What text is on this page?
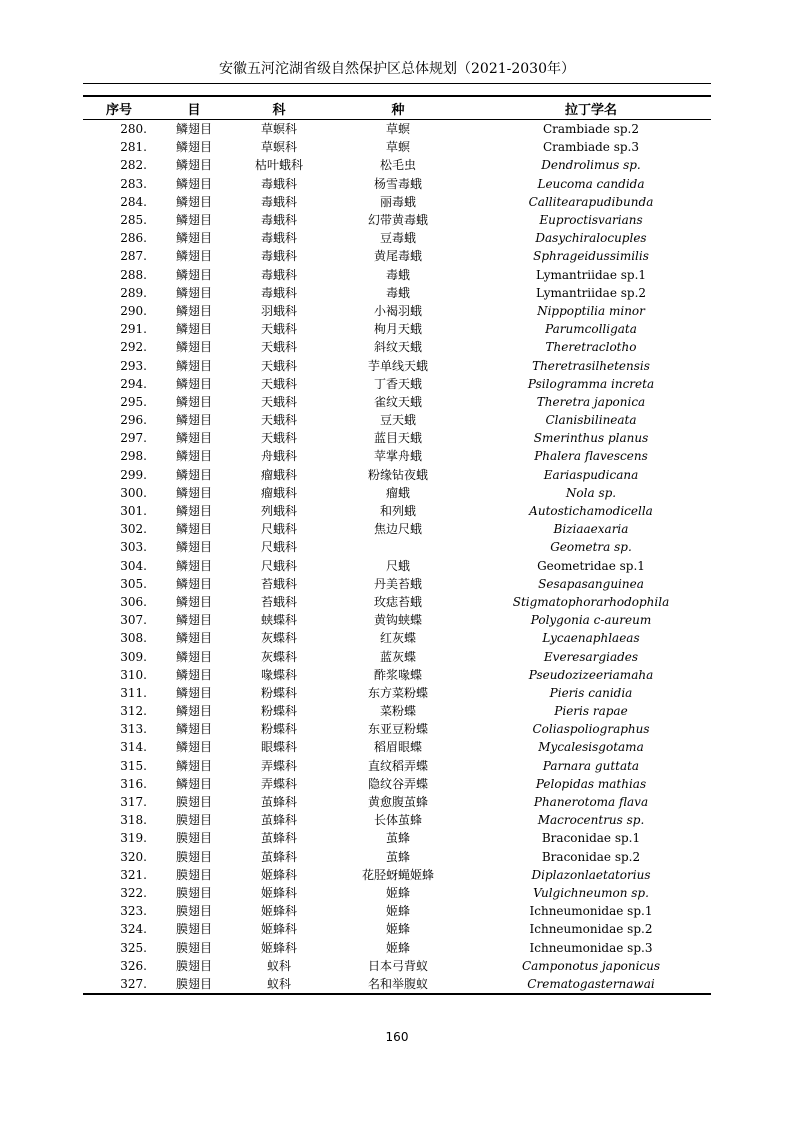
安徽五河沱湖省级自然保护区总体规划（2021-2030年）
序号	目	科	种	拉丁学名
280.	鳞翅目	草螟科	草螟	Crambiade sp.2
281.	鳞翅目	草螟科	草螟	Crambiade sp.3
282.	鳞翅目	枯叶蛾科	松毛虫	Dendrolimus sp.
283.	鳞翅目	毒蛾科	杨雪毒蛾	Leucoma candida
284.	鳞翅目	毒蛾科	丽毒蛾	Callitearapudibunda
285.	鳞翅目	毒蛾科	幻带黄毒蛾	Euproctisvarians
286.	鳞翅目	毒蛾科	豆毒蛾	Dasychiralocuples
287.	鳞翅目	毒蛾科	黄尾毒蛾	Sphrageidussimilis
288.	鳞翅目	毒蛾科	毒蛾	Lymantriidae sp.1
289.	鳞翅目	毒蛾科	毒蛾	Lymantriidae sp.2
290.	鳞翅目	羽蛾科	小褐羽蛾	Nippoptilia minor
291.	鳞翅目	天蛾科	枸月天蛾	Parumcolligata
292.	鳞翅目	天蛾科	斜纹天蛾	Theretraclotho
293.	鳞翅目	天蛾科	芋单线天蛾	Theretrasilhetensis
294.	鳞翅目	天蛾科	丁香天蛾	Psilogramma increta
295.	鳞翅目	天蛾科	雀纹天蛾	Theretra japonica
296.	鳞翅目	天蛾科	豆天蛾	Clanisbilineata
297.	鳞翅目	天蛾科	蓝目天蛾	Smerinthus planus
298.	鳞翅目	舟蛾科	苹掌舟蛾	Phalera flavescens
299.	鳞翅目	瘤蛾科	粉缘钻夜蛾	Eariaspudicana
300.	鳞翅目	瘤蛾科	瘤蛾	Nola sp.
301.	鳞翅目	列蛾科	和列蛾	Autostichamodicella
302.	鳞翅目	尺蛾科	焦边尺蛾	Biziaaexaria
303.	鳞翅目	尺蛾科		Geometra sp.
304.	鳞翅目	尺蛾科	尺蛾	Geometridae sp.1
305.	鳞翅目	苔蛾科	丹美苔蛾	Sesapasanguinea
306.	鳞翅目	苔蛾科	玫痣苔蛾	Stigmatophorarhodophila
307.	鳞翅目	蛱蝶科	黄钩蛱蝶	Polygonia c-aureum
308.	鳞翅目	灰蝶科	红灰蝶	Lycaenaphlaeas
309.	鳞翅目	灰蝶科	蓝灰蝶	Everesargiades
310.	鳞翅目	喙蝶科	酢浆喙蝶	Pseudozizeeriamaha
311.	鳞翅目	粉蝶科	东方菜粉蝶	Pieris canidia
312.	鳞翅目	粉蝶科	菜粉蝶	Pieris rapae
313.	鳞翅目	粉蝶科	东亚豆粉蝶	Coliaspoliographus
314.	鳞翅目	眼蝶科	稻眉眼蝶	Mycalesisgotama
315.	鳞翅目	弄蝶科	直纹稻弄蝶	Parnara guttata
316.	鳞翅目	弄蝶科	隐纹谷弄蝶	Pelopidas mathias
317.	膜翅目	茧蜂科	黄愈腹茧蜂	Phanerotoma flava
318.	膜翅目	茧蜂科	长体茧蜂	Macrocentrus sp.
319.	膜翅目	茧蜂科	茧蜂	Braconidae sp.1
320.	膜翅目	茧蜂科	茧蜂	Braconidae sp.2
321.	膜翅目	姬蜂科	花胫蚜蝇姬蜂	Diplazonlaetatorius
322.	膜翅目	姬蜂科	姬蜂	Vulgichneumon sp.
323.	膜翅目	姬蜂科	姬蜂	Ichneumonidae sp.1
324.	膜翅目	姬蜂科	姬蜂	Ichneumonidae sp.2
325.	膜翅目	姬蜂科	姬蜂	Ichneumonidae sp.3
326.	膜翅目	蚁科	日本弓背蚁	Camponotus japonicus
327.	膜翅目	蚁科	名和举腹蚁	Crematogasternawai
160
